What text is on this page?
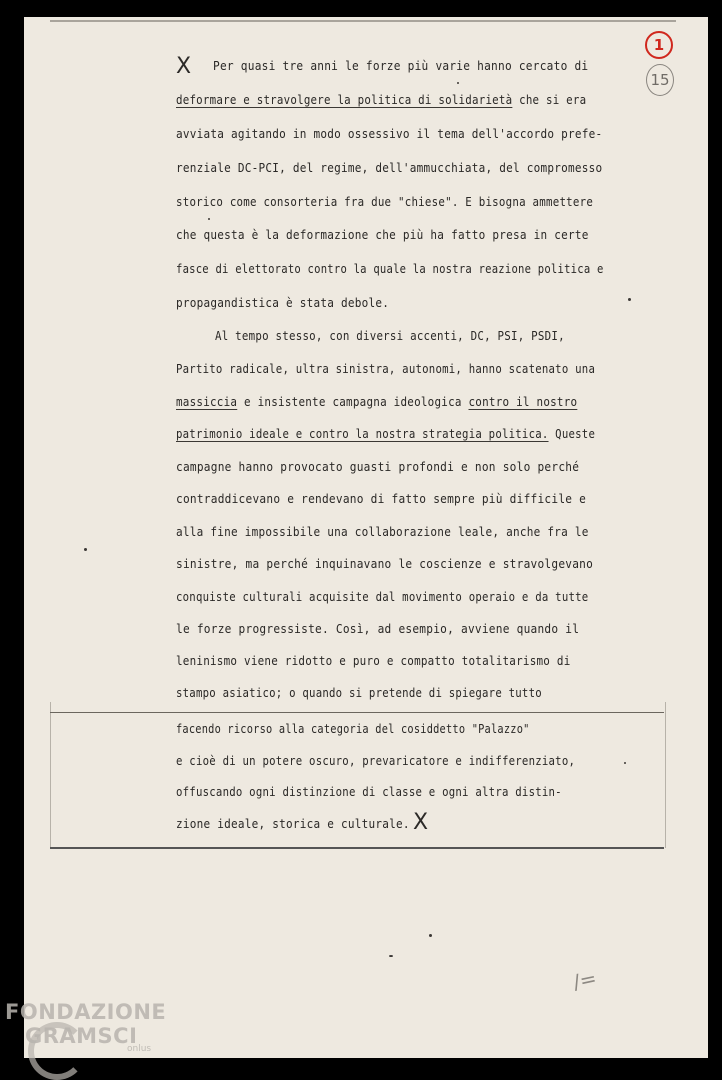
1
15
X Per quasi tre anni le forze più varie hanno cercato di
deformare e stravolgere la politica di solidarietà che si era
avviata agitando in modo ossessivo il tema dell'accordo prefe-
renziale DC-PCI, del regime, dell'ammucchiata, del compromesso
storico come consorteria fra due "chiese". E bisogna ammettere
che questa è la deformazione che più ha fatto presa in certe
fasce di elettorato contro la quale la nostra reazione politica e
propagandistica è stata debole.
Al tempo stesso, con diversi accenti, DC, PSI, PSDI,
Partito radicale, ultra sinistra, autonomi, hanno scatenato una
massiccia e insistente campagna ideologica contro il nostro
patrimonio ideale e contro la nostra strategia politica. Queste
campagne hanno provocato guasti profondi e non solo perché
contraddicevano e rendevano di fatto sempre più difficile e
alla fine impossibile una collaborazione leale, anche fra le
sinistre, ma perché inquinavano le coscienze e stravolgevano
conquiste culturali acquisite dal movimento operaio e da tutte
le forze progressiste. Così, ad esempio, avviene quando il
leninismo viene ridotto e puro e compatto totalitarismo di
stampo asiatico; o quando si pretende di spiegare tutto
facendo ricorso alla categoria del cosiddetto "Palazzo"
e cioè di un potere oscuro, prevaricatore e indifferenziato,
offuscando ogni distinzione di classe e ogni altra distin-
zione ideale, storica e culturale. X
/=
FONDAZIONE
GRAMSCI
onlus
